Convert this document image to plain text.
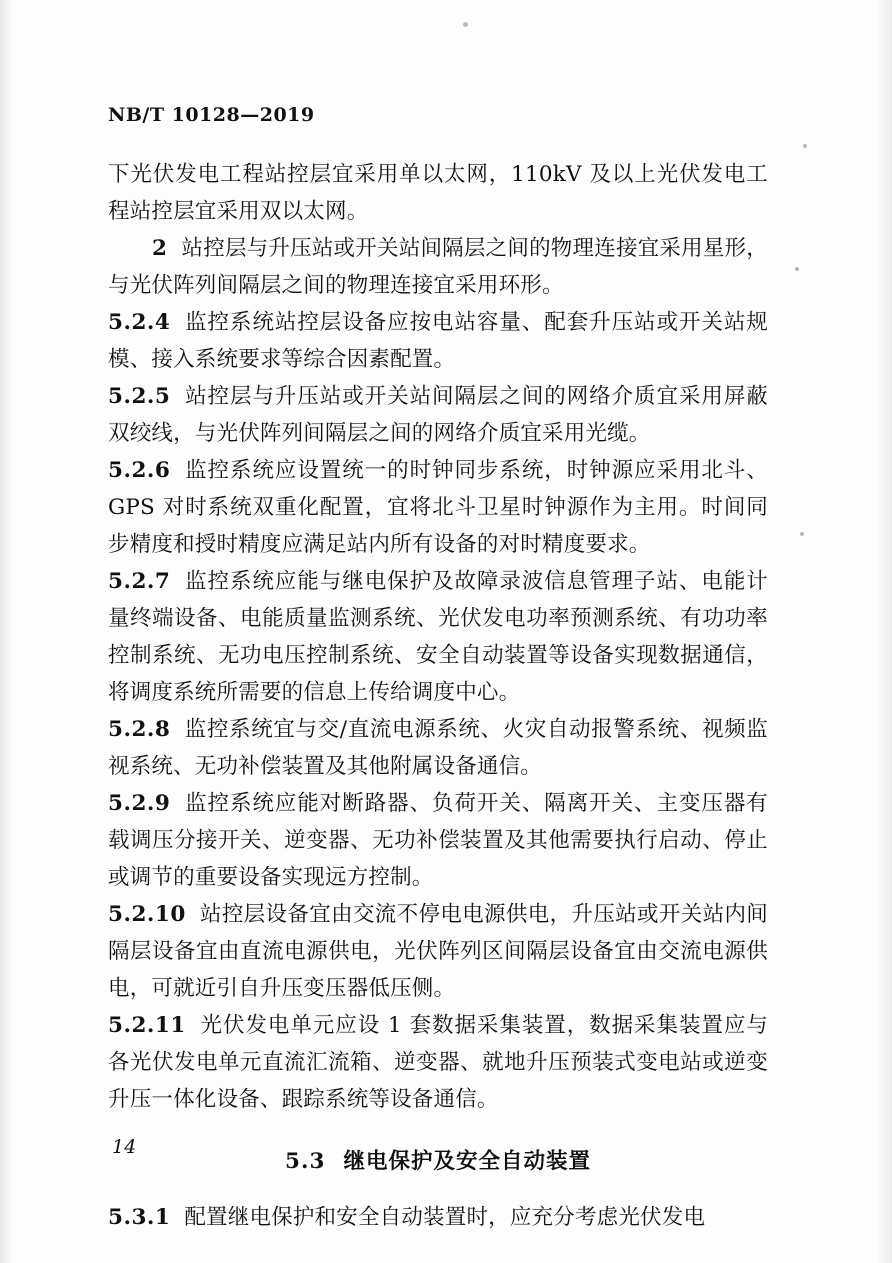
NB/T 10128—2019

下光伏发电工程站控层宜采用单以太网，110kV 及以上光伏发电工程站控层宜采用双以太网。

2 站控层与升压站或开关站间隔层之间的物理连接宜采用星形，与光伏阵列间隔层之间的物理连接宜采用环形。

5.2.4 监控系统站控层设备应按电站容量、配套升压站或开关站规模、接入系统要求等综合因素配置。

5.2.5 站控层与升压站或开关站间隔层之间的网络介质宜采用屏蔽双绞线，与光伏阵列间隔层之间的网络介质宜采用光缆。

5.2.6 监控系统应设置统一的时钟同步系统，时钟源应采用北斗、GPS 对时系统双重化配置，宜将北斗卫星时钟源作为主用。时间同步精度和授时精度应满足站内所有设备的对时精度要求。

5.2.7 监控系统应能与继电保护及故障录波信息管理子站、电能计量终端设备、电能质量监测系统、光伏发电功率预测系统、有功功率控制系统、无功电压控制系统、安全自动装置等设备实现数据通信，将调度系统所需要的信息上传给调度中心。

5.2.8 监控系统宜与交/直流电源系统、火灾自动报警系统、视频监视系统、无功补偿装置及其他附属设备通信。

5.2.9 监控系统应能对断路器、负荷开关、隔离开关、主变压器有载调压分接开关、逆变器、无功补偿装置及其他需要执行启动、停止或调节的重要设备实现远方控制。

5.2.10 站控层设备宜由交流不停电电源供电，升压站或开关站内间隔层设备宜由直流电源供电，光伏阵列区间隔层设备宜由交流电源供电，可就近引自升压变压器低压侧。

5.2.11 光伏发电单元应设 1 套数据采集装置，数据采集装置应与各光伏发电单元直流汇流箱、逆变器、就地升压预装式变电站或逆变升压一体化设备、跟踪系统等设备通信。

5.3 继电保护及安全自动装置

5.3.1 配置继电保护和安全自动装置时，应充分考虑光伏发电

14
